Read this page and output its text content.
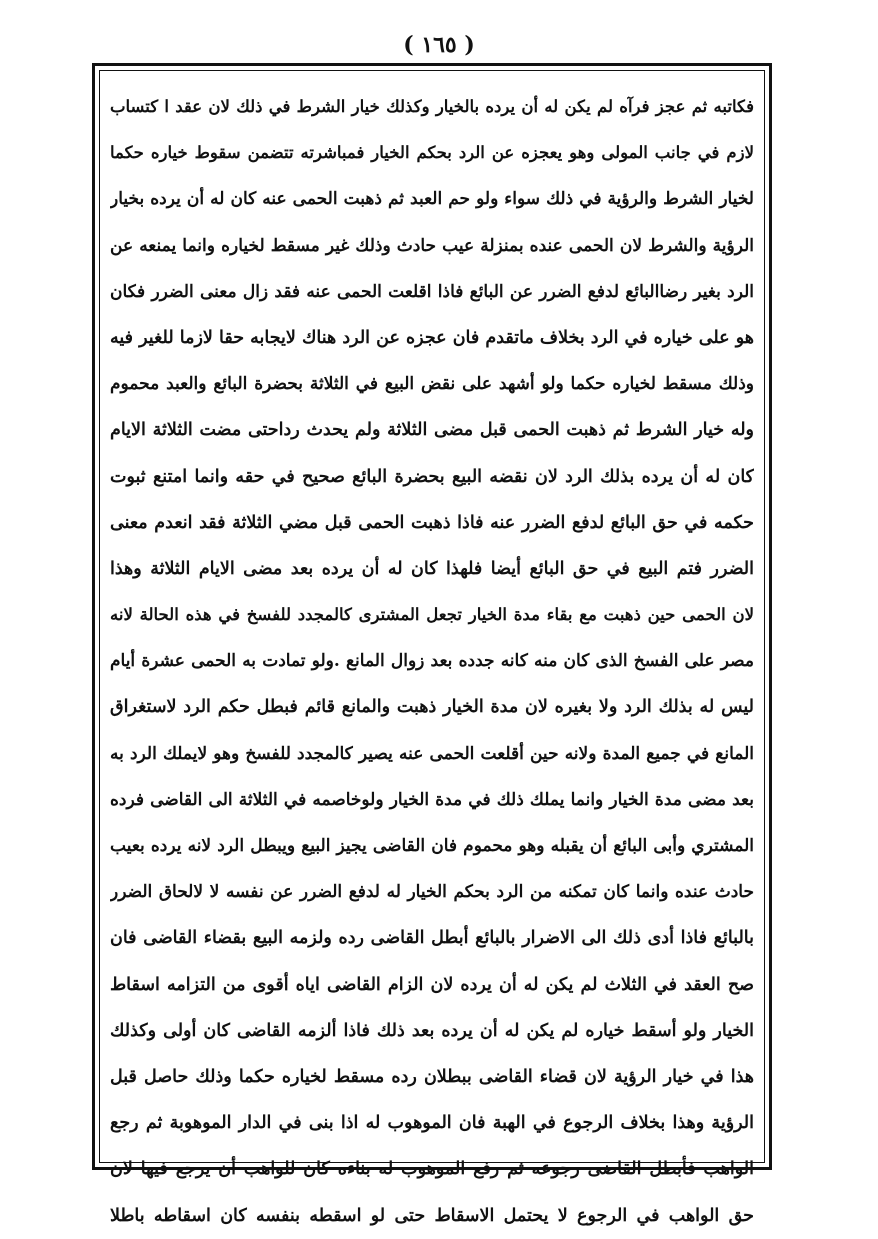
( ١٦٥ )
فكاتبه ثم عجز فرآه لم يكن له أن يرده بالخيار وكذلك خيار الشرط في ذلك لان عقد ا كتساب
لازم في جانب المولى وهو يعجزه عن الرد بحكم الخيار فمباشرته تتضمن سقوط خياره حكما
لخيار الشرط والرؤية في ذلك سواء ولو حم العبد ثم ذهبت الحمى عنه كان له أن يرده بخيار
الرؤية والشرط لان الحمى عنده بمنزلة عيب حادث وذلك غير مسقط لخياره وانما يمنعه عن
الرد بغير رضاالبائع لدفع الضرر عن البائع فاذا اقلعت الحمى عنه فقد زال معنى الضرر فكان
هو على خياره في الرد بخلاف ماتقدم فان عجزه عن الرد هناك لايجابه حقا لازما للغير فيه
وذلك مسقط لخياره حكما ولو أشهد على نقض البيع في الثلاثة بحضرة البائع والعبد محموم
وله خيار الشرط ثم ذهبت الحمى قبل مضى الثلاثة ولم يحدث رداحتى مضت الثلاثة الايام
كان له أن يرده بذلك الرد لان نقضه البيع بحضرة البائع صحيح في حقه وانما امتنع ثبوت
حكمه في حق البائع لدفع الضرر عنه فاذا ذهبت الحمى قبل مضي الثلاثة فقد انعدم معنى
الضرر فتم البيع في حق البائع أيضا فلهذا كان له أن يرده بعد مضى الايام الثلاثة وهذا
لان الحمى حين ذهبت مع بقاء مدة الخيار تجعل المشترى كالمجدد للفسخ في هذه الحالة لانه
مصر على الفسخ الذى كان منه كانه جدده بعد زوال المانع .ولو تمادت به الحمى عشرة أيام
ليس له بذلك الرد ولا بغيره لان مدة الخيار ذهبت والمانع قائم فبطل حكم الرد لاستغراق
المانع في جميع المدة ولانه حين أقلعت الحمى عنه يصير كالمجدد للفسخ وهو لايملك الرد به
بعد مضى مدة الخيار وانما يملك ذلك في مدة الخيار ولوخاصمه في الثلاثة الى القاضى فرده
المشتري وأبى البائع أن يقبله وهو محموم فان القاضى يجيز البيع ويبطل الرد لانه يرده بعيب
حادث عنده وانما كان تمكنه من الرد بحكم الخيار له لدفع الضرر عن نفسه لا لالحاق الضرر
بالبائع فاذا أدى ذلك الى الاضرار بالبائع أبطل القاضى رده ولزمه البيع بقضاء القاضى فان
صح العقد في الثلاث لم يكن له أن يرده لان الزام القاضى اياه أقوى من التزامه اسقاط
الخيار ولو أسقط خياره لم يكن له أن يرده بعد ذلك فاذا ألزمه القاضى كان أولى وكذلك
هذا في خيار الرؤية لان قضاء القاضى ببطلان رده مسقط لخياره حكما وذلك حاصل قبل
الرؤية وهذا بخلاف الرجوع في الهبة فان الموهوب له اذا بنى في الدار الموهوبة ثم رجع
الواهب فأبطل القاضى رجوعه ثم رفع الموهوب له بناءه كان للواهب أن يرجع فيها لان
حق الواهب في الرجوع لا يحتمل الاسقاط حتى لو اسقطه بنفسه كان اسقاطه باطلا
